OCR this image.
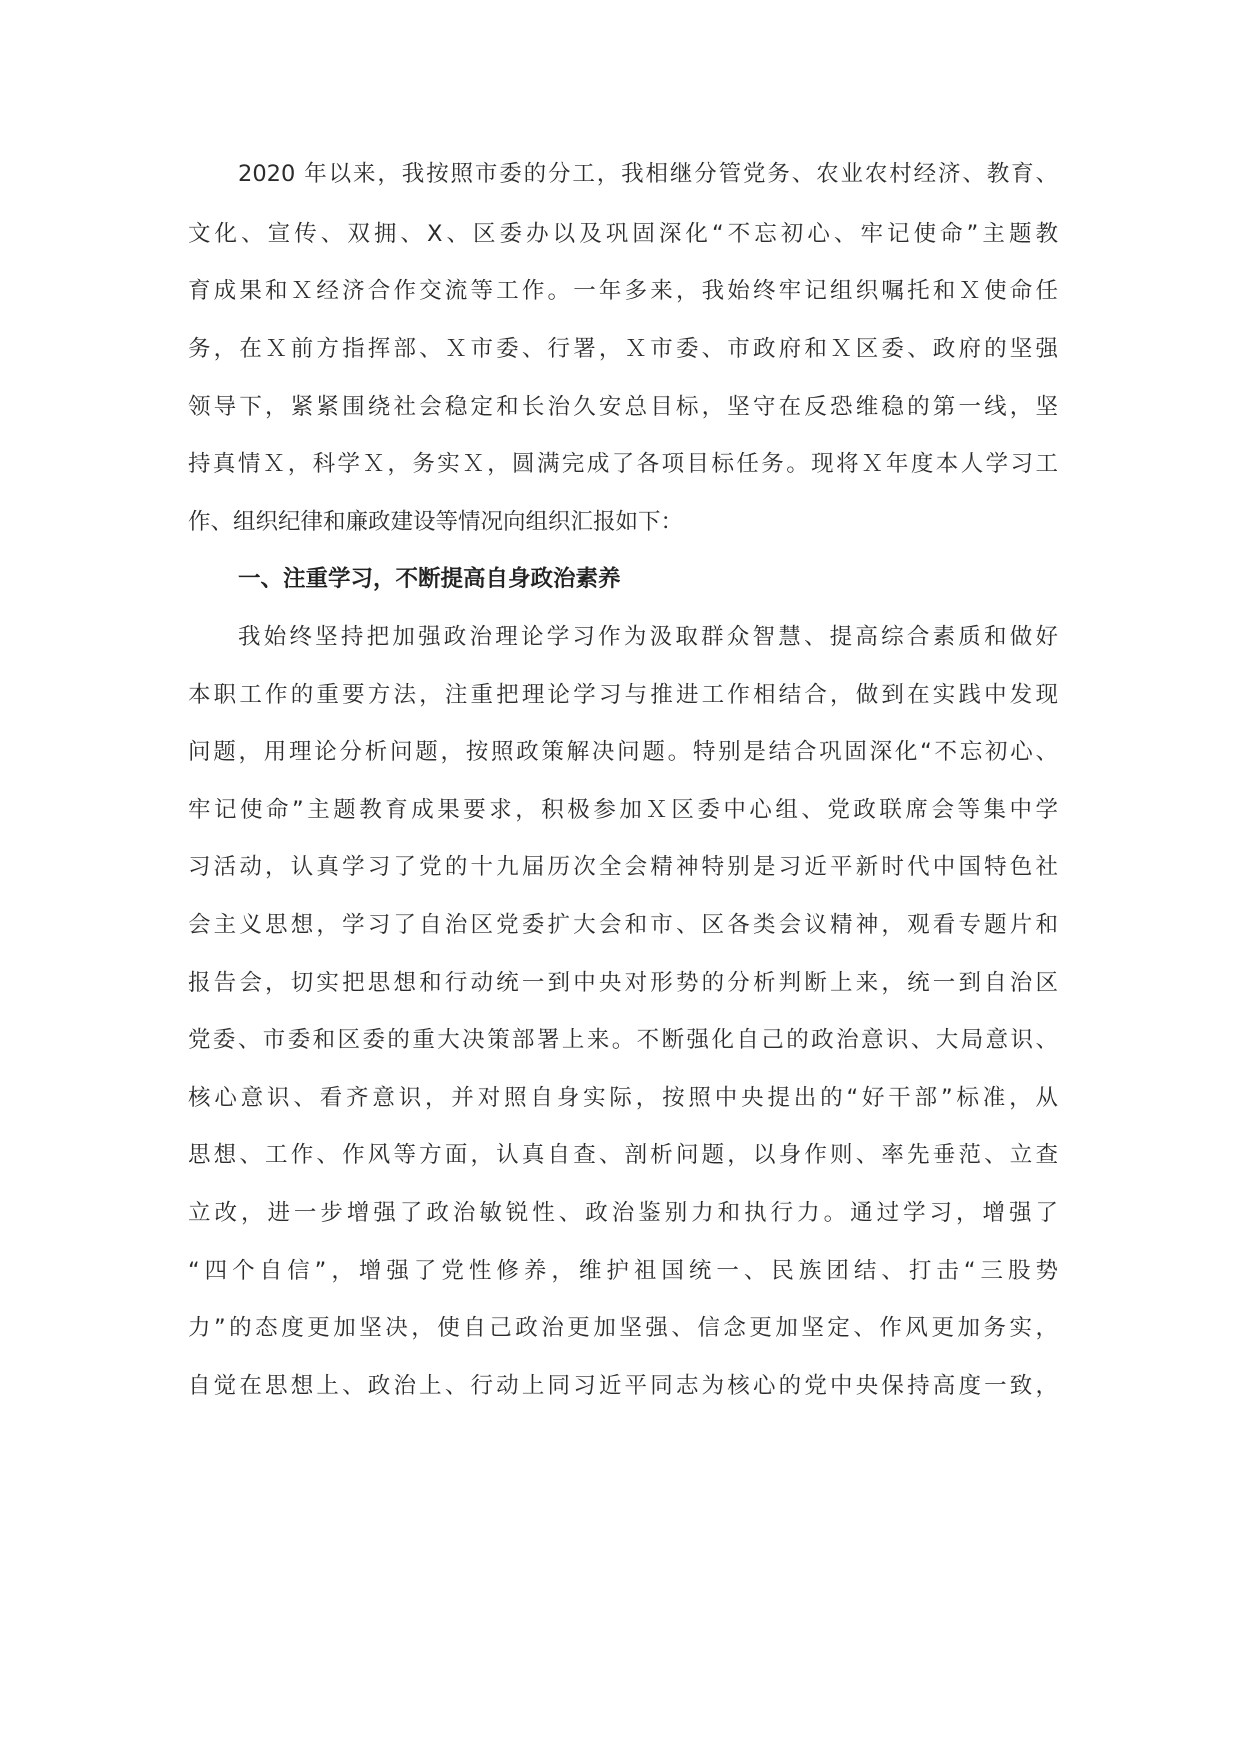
2020 年以来，我按照市委的分工，我相继分管党务、农业农村经济、教育、
文化、宣传、双拥、X、区委办以及巩固深化“不忘初心、牢记使命”主题教
育成果和Ｘ经济合作交流等工作。一年多来，我始终牢记组织嘱托和Ｘ使命任
务，在Ｘ前方指挥部、Ｘ市委、行署，Ｘ市委、市政府和Ｘ区委、政府的坚强
领导下，紧紧围绕社会稳定和长治久安总目标，坚守在反恐维稳的第一线，坚
持真情Ｘ，科学Ｘ，务实Ｘ，圆满完成了各项目标任务。现将Ｘ年度本人学习工
作、组织纪律和廉政建设等情况向组织汇报如下：
一、注重学习，不断提高自身政治素养
我始终坚持把加强政治理论学习作为汲取群众智慧、提高综合素质和做好
本职工作的重要方法，注重把理论学习与推进工作相结合，做到在实践中发现
问题，用理论分析问题，按照政策解决问题。特别是结合巩固深化“不忘初心、
牢记使命”主题教育成果要求，积极参加Ｘ区委中心组、党政联席会等集中学
习活动，认真学习了党的十九届历次全会精神特别是习近平新时代中国特色社
会主义思想，学习了自治区党委扩大会和市、区各类会议精神，观看专题片和
报告会，切实把思想和行动统一到中央对形势的分析判断上来，统一到自治区
党委、市委和区委的重大决策部署上来。不断强化自己的政治意识、大局意识、
核心意识、看齐意识，并对照自身实际，按照中央提出的“好干部”标准，从
思想、工作、作风等方面，认真自查、剖析问题，以身作则、率先垂范、立查
立改，进一步增强了政治敏锐性、政治鉴别力和执行力。通过学习，增强了
“四个自信”，增强了党性修养，维护祖国统一、民族团结、打击“三股势
力”的态度更加坚决，使自己政治更加坚强、信念更加坚定、作风更加务实，
自觉在思想上、政治上、行动上同习近平同志为核心的党中央保持高度一致，
